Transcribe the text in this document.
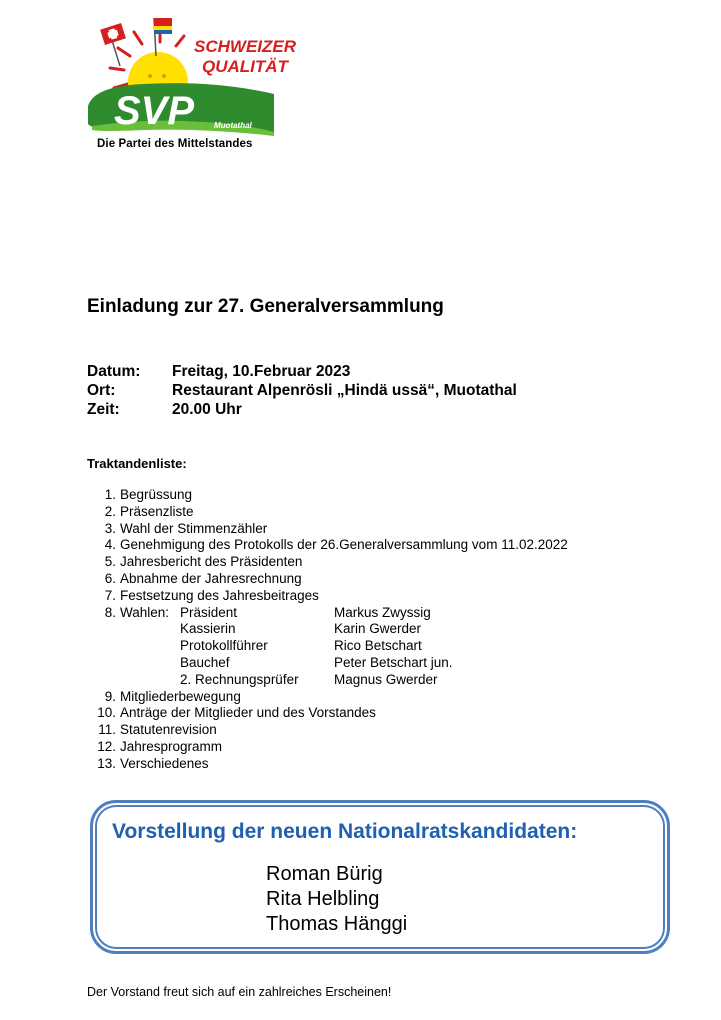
SCHWEIZER
QUALITÄT
SVP Muotathal
Die Partei des Mittelstandes
Einladung zur 27. Generalversammlung
Datum:	Freitag, 10.Februar 2023
Ort:	Restaurant Alpenrösli „Hindä ussä“, Muotathal
Zeit:	20.00 Uhr
Traktandenliste:
1. Begrüssung
2. Präsenzliste
3. Wahl der Stimmenzähler
4. Genehmigung des Protokolls der 26.Generalversammlung vom 11.02.2022
5. Jahresbericht des Präsidenten
6. Abnahme der Jahresrechnung
7. Festsetzung des Jahresbeitrages
8. Wahlen: Präsident	Markus Zwyssig
Kassierin	Karin Gwerder
Protokollführer	Rico Betschart
Bauchef	Peter Betschart jun.
2. Rechnungsprüfer	Magnus Gwerder
9. Mitgliederbewegung
10. Anträge der Mitglieder und des Vorstandes
11. Statutenrevision
12. Jahresprogramm
13. Verschiedenes
Vorstellung der neuen Nationalratskandidaten:
Roman Bürig
Rita Helbling
Thomas Hänggi
Der Vorstand freut sich auf ein zahlreiches Erscheinen!
